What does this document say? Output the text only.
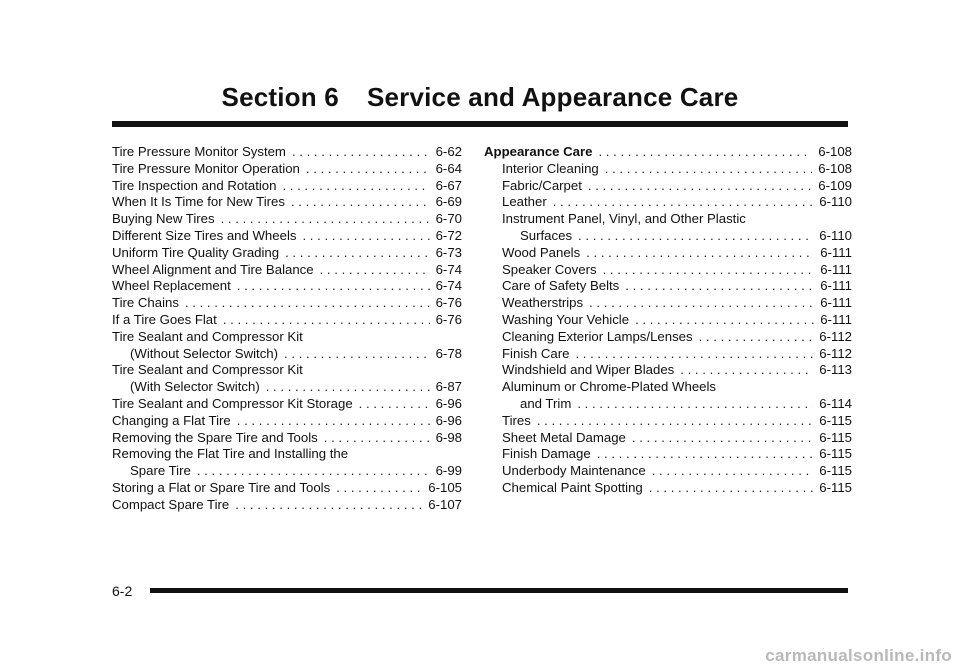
Section 6 Service and Appearance Care
Tire Pressure Monitor System . . .	6-62
Tire Pressure Monitor Operation . . .	6-64
Tire Inspection and Rotation . . .	6-67
When It Is Time for New Tires . . .	6-69
Buying New Tires . . .	6-70
Different Size Tires and Wheels . . .	6-72
Uniform Tire Quality Grading . . .	6-73
Wheel Alignment and Tire Balance . . .	6-74
Wheel Replacement . . .	6-74
Tire Chains . . .	6-76
If a Tire Goes Flat . . .	6-76
Tire Sealant and Compressor Kit
(Without Selector Switch) . . .	6-78
Tire Sealant and Compressor Kit
(With Selector Switch) . . .	6-87
Tire Sealant and Compressor Kit Storage . . .	6-96
Changing a Flat Tire . . .	6-96
Removing the Spare Tire and Tools . . .	6-98
Removing the Flat Tire and Installing the
Spare Tire . . .	6-99
Storing a Flat or Spare Tire and Tools . . .	6-105
Compact Spare Tire . . .	6-107
Appearance Care . . .	6-108
Interior Cleaning . . .	6-108
Fabric/Carpet . . .	6-109
Leather . . .	6-110
Instrument Panel, Vinyl, and Other Plastic
Surfaces . . .	6-110
Wood Panels . . .	6-111
Speaker Covers . . .	6-111
Care of Safety Belts . . .	6-111
Weatherstrips . . .	6-111
Washing Your Vehicle . . .	6-111
Cleaning Exterior Lamps/Lenses . . .	6-112
Finish Care . . .	6-112
Windshield and Wiper Blades . . .	6-113
Aluminum or Chrome-Plated Wheels
and Trim . . .	6-114
Tires . . .	6-115
Sheet Metal Damage . . .	6-115
Finish Damage . . .	6-115
Underbody Maintenance . . .	6-115
Chemical Paint Spotting . . .	6-115
6-2
carmanualsonline.info
